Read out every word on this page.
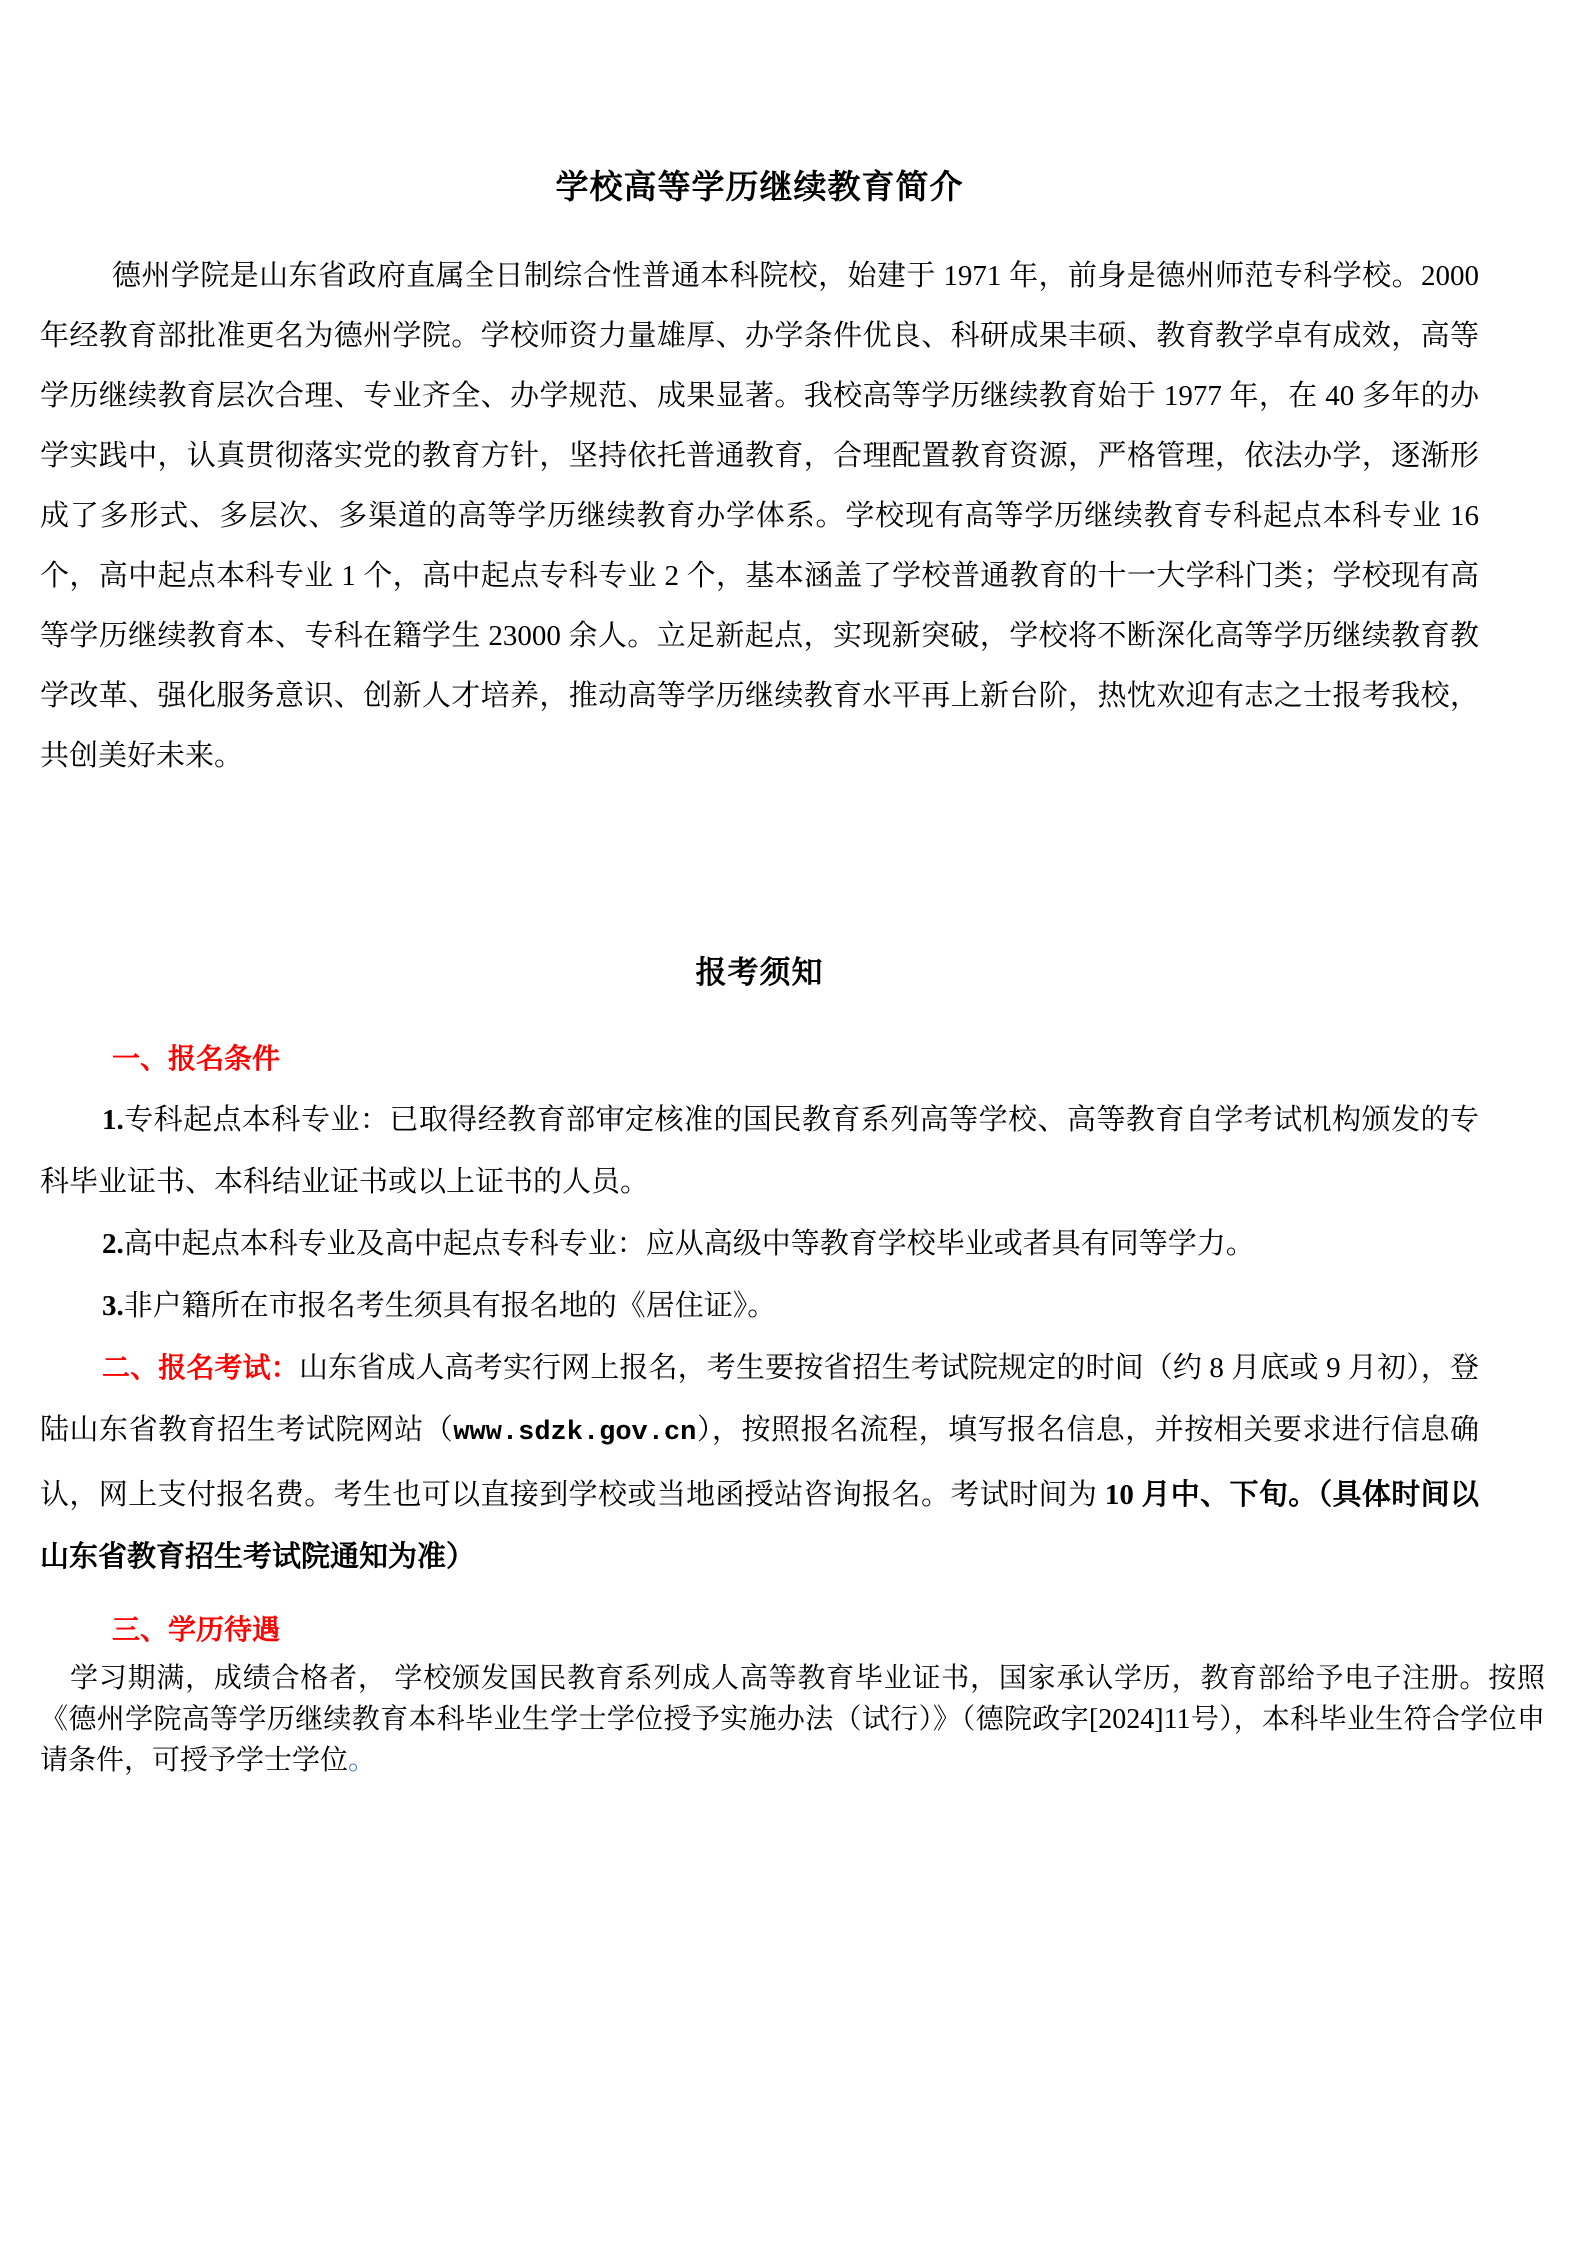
学校高等学历继续教育简介

德州学院是山东省政府直属全日制综合性普通本科院校，始建于 1971 年，前身是德州师范专科学校。2000 年经教育部批准更名为德州学院。学校师资力量雄厚、办学条件优良、科研成果丰硕、教育教学卓有成效，高等学历继续教育层次合理、专业齐全、办学规范、成果显著。我校高等学历继续教育始于 1977 年，在 40 多年的办学实践中，认真贯彻落实党的教育方针，坚持依托普通教育，合理配置教育资源，严格管理，依法办学，逐渐形成了多形式、多层次、多渠道的高等学历继续教育办学体系。学校现有高等学历继续教育专科起点本科专业 16 个，高中起点本科专业 1 个，高中起点专科专业 2 个，基本涵盖了学校普通教育的十一大学科门类；学校现有高等学历继续教育本、专科在籍学生 23000 余人。立足新起点，实现新突破，学校将不断深化高等学历继续教育教学改革、强化服务意识、创新人才培养，推动高等学历继续教育水平再上新台阶，热忱欢迎有志之士报考我校，共创美好未来。

报考须知

一、报名条件

1.专科起点本科专业：已取得经教育部审定核准的国民教育系列高等学校、高等教育自学考试机构颁发的专科毕业证书、本科结业证书或以上证书的人员。

2.高中起点本科专业及高中起点专科专业：应从高级中等教育学校毕业或者具有同等学力。

3.非户籍所在市报名考生须具有报名地的《居住证》。

二、报名考试：山东省成人高考实行网上报名，考生要按省招生考试院规定的时间（约 8 月底或 9 月初），登陆山东省教育招生考试院网站（www.sdzk.gov.cn），按照报名流程，填写报名信息，并按相关要求进行信息确认，网上支付报名费。考生也可以直接到学校或当地函授站咨询报名。考试时间为 10 月中、下旬。（具体时间以山东省教育招生考试院通知为准）

三、学历待遇

学习期满，成绩合格者， 学校颁发国民教育系列成人高等教育毕业证书，国家承认学历，教育部给予电子注册。按照《德州学院高等学历继续教育本科毕业生学士学位授予实施办法（试行）》（德院政字[2024]11号），本科毕业生符合学位申请条件，可授予学士学位。
